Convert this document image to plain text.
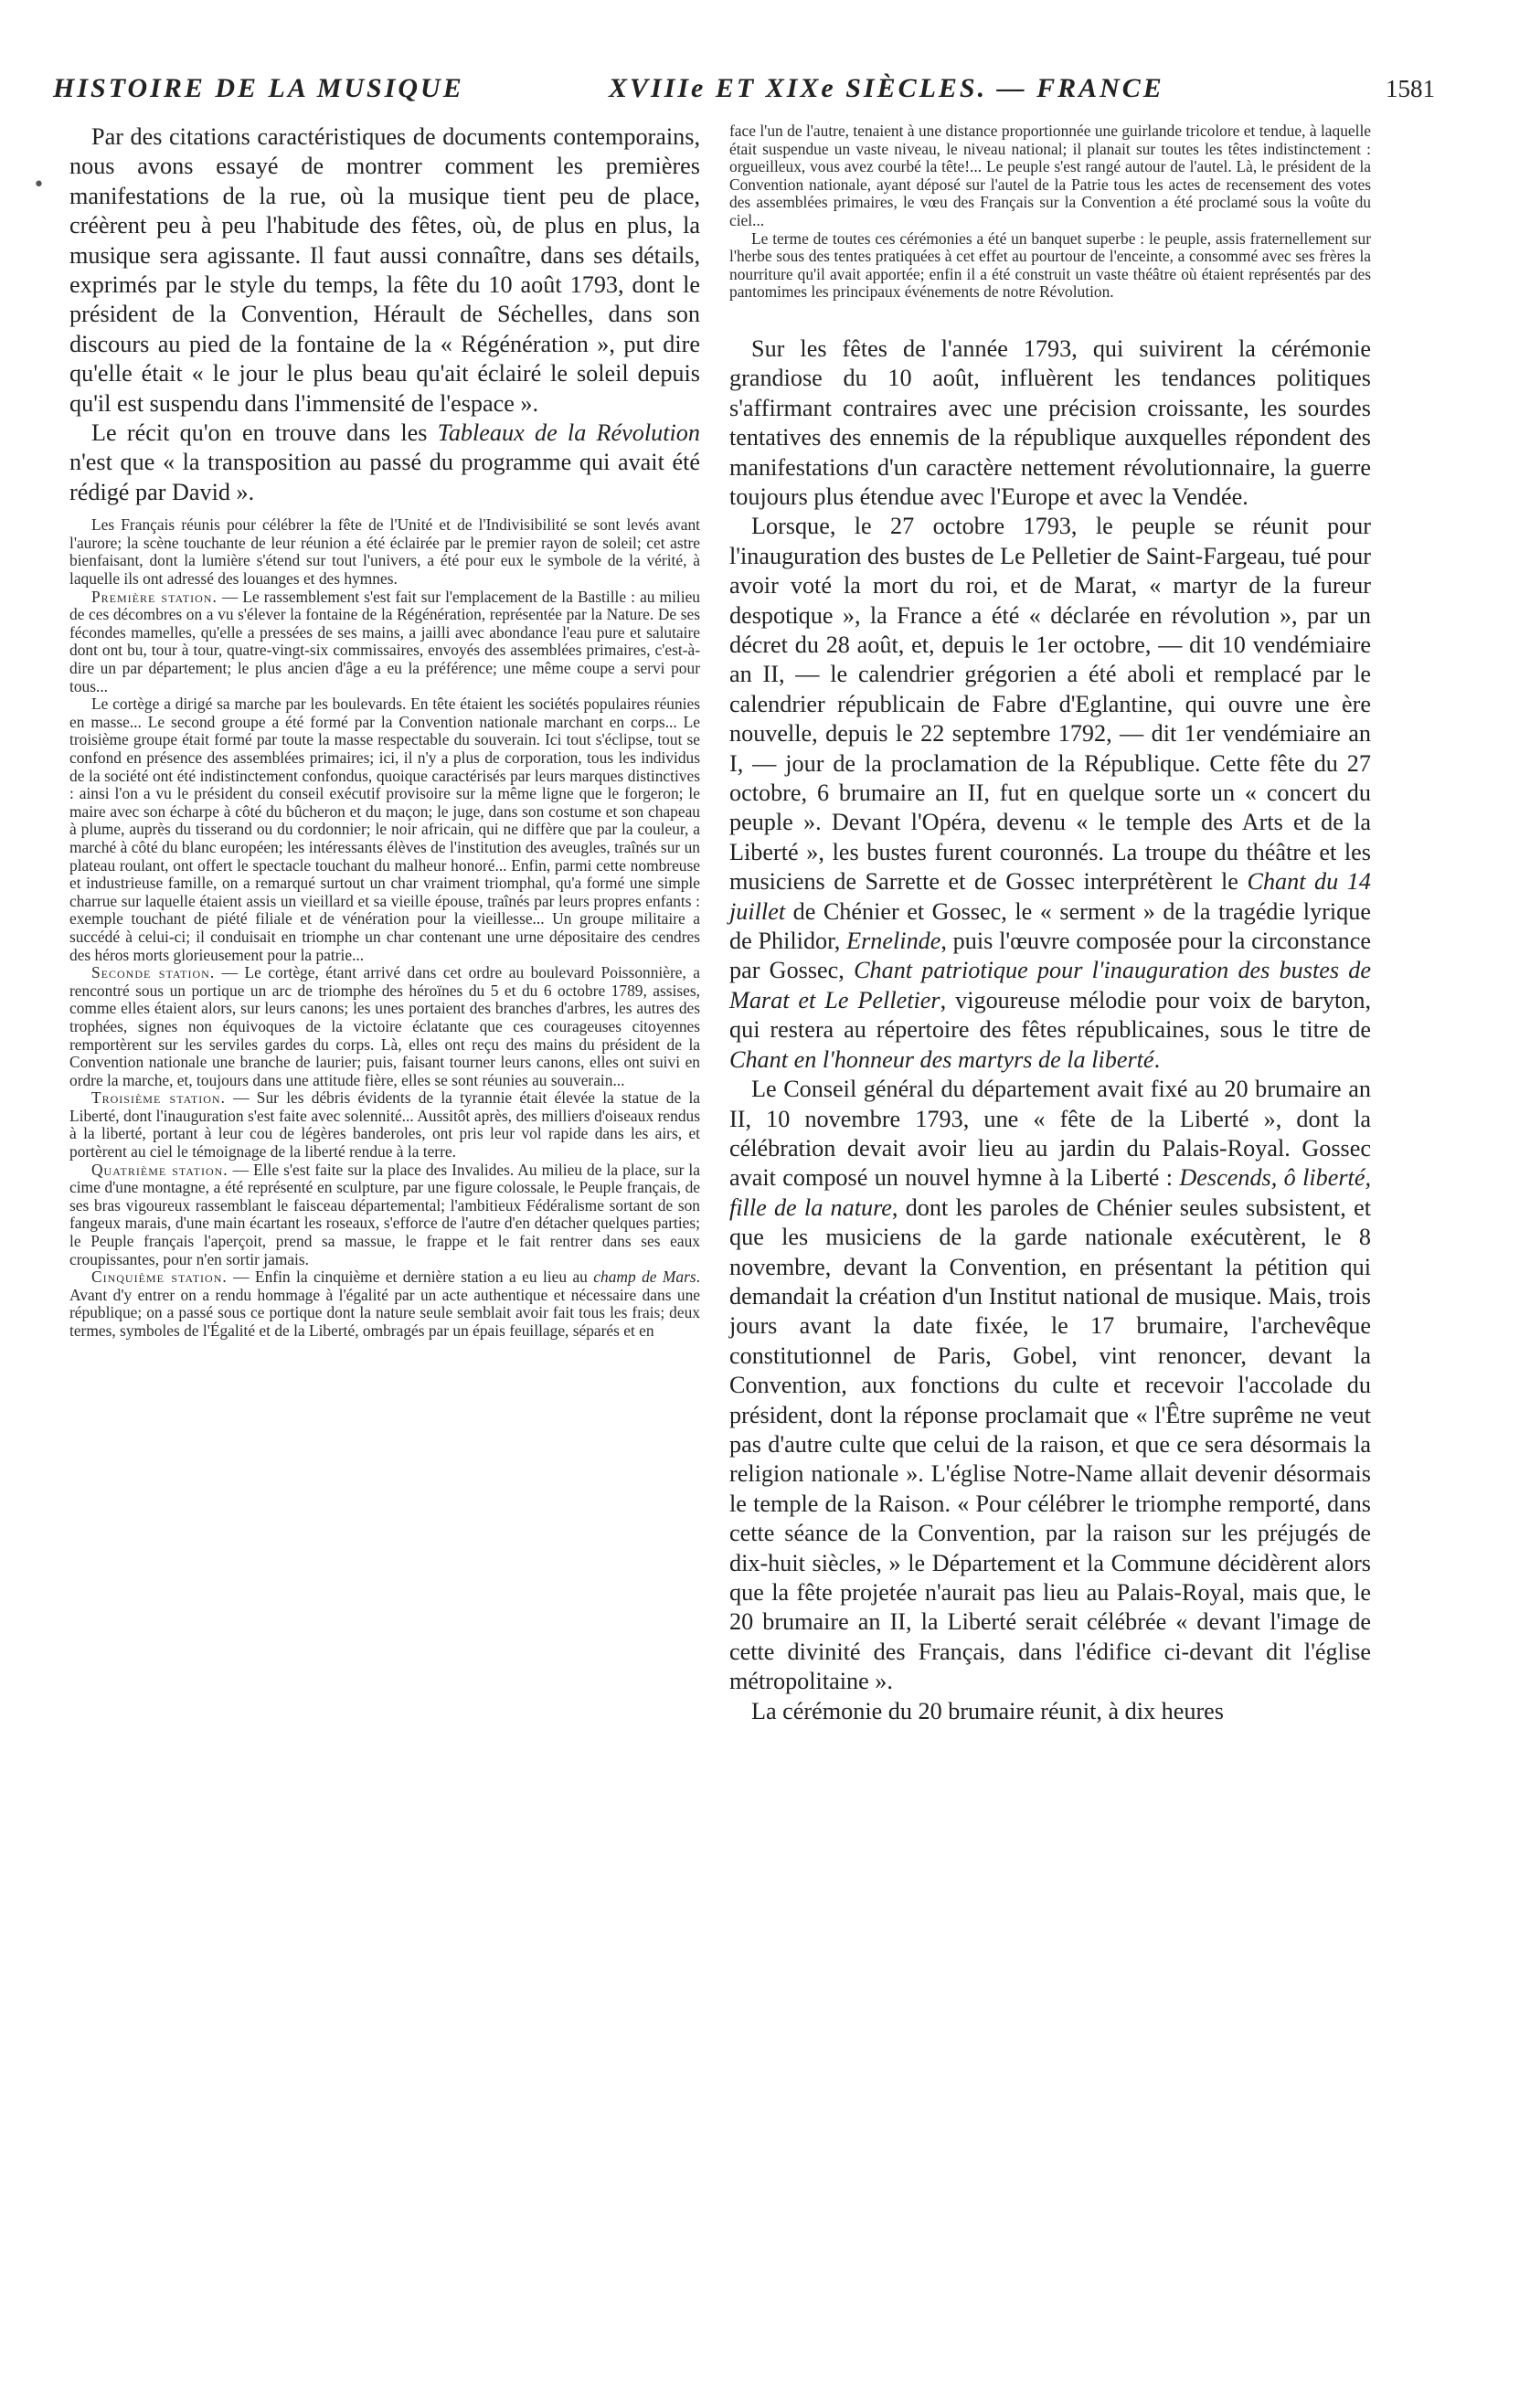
HISTOIRE DE LA MUSIQUE	XVIIIe ET XIXe SIÈCLES. — FRANCE	1581
•

Par des citations caractéristiques de documents contemporains, nous avons essayé de montrer comment les premières manifestations de la rue, où la musique tient peu de place, créèrent peu à peu l'habitude des fêtes, où, de plus en plus, la musique sera agissante. Il faut aussi connaître, dans ses détails, exprimés par le style du temps, la fête du 10 août 1793, dont le président de la Convention, Hérault de Séchelles, dans son discours au pied de la fontaine de la « Régénération », put dire qu'elle était « le jour le plus beau qu'ait éclairé le soleil depuis qu'il est suspendu dans l'immensité de l'espace ».

Le récit qu'on en trouve dans les Tableaux de la Révolution n'est que « la transposition au passé du programme qui avait été rédigé par David ».

Les Français réunis pour célébrer la fête de l'Unité et de l'Indivisibilité se sont levés avant l'aurore; la scène touchante de leur réunion a été éclairée par le premier rayon de soleil; cet astre bienfaisant, dont la lumière s'étend sur tout l'univers, a été pour eux le symbole de la vérité, à laquelle ils ont adressé des louanges et des hymnes.

Première station. — Le rassemblement s'est fait sur l'emplacement de la Bastille : au milieu de ces décombres on a vu s'élever la fontaine de la Régénération, représentée par la Nature. De ses fécondes mamelles, qu'elle a pressées de ses mains, a jailli avec abondance l'eau pure et salutaire dont ont bu, tour à tour, quatre-vingt-six commissaires, envoyés des assemblées primaires, c'est-à-dire un par département; le plus ancien d'âge a eu la préférence; une même coupe a servi pour tous...

Le cortège a dirigé sa marche par les boulevards. En tête étaient les sociétés populaires réunies en masse... Le second groupe a été formé par la Convention nationale marchant en corps... Le troisième groupe était formé par toute la masse respectable du souverain. Ici tout s'éclipse, tout se confond en présence des assemblées primaires; ici, il n'y a plus de corporation, tous les individus de la société ont été indistinctement confondus, quoique caractérisés par leurs marques distinctives : ainsi l'on a vu le président du conseil exécutif provisoire sur la même ligne que le forgeron; le maire avec son écharpe à côté du bûcheron et du maçon; le juge, dans son costume et son chapeau à plume, auprès du tisserand ou du cordonnier; le noir africain, qui ne diffère que par la couleur, a marché à côté du blanc européen; les intéressants élèves de l'institution des aveugles, traînés sur un plateau roulant, ont offert le spectacle touchant du malheur honoré... Enfin, parmi cette nombreuse et industrieuse famille, on a remarqué surtout un char vraiment triomphal, qu'a formé une simple charrue sur laquelle étaient assis un vieillard et sa vieille épouse, traînés par leurs propres enfants : exemple touchant de piété filiale et de vénération pour la vieillesse... Un groupe militaire a succédé à celui-ci; il conduisait en triomphe un char contenant une urne dépositaire des cendres des héros morts glorieusement pour la patrie...

Seconde station. — Le cortège, étant arrivé dans cet ordre au boulevard Poissonnière, a rencontré sous un portique un arc de triomphe des héroïnes du 5 et du 6 octobre 1789, assises, comme elles étaient alors, sur leurs canons; les unes portaient des branches d'arbres, les autres des trophées, signes non équivoques de la victoire éclatante que ces courageuses citoyennes remportèrent sur les serviles gardes du corps. Là, elles ont reçu des mains du président de la Convention nationale une branche de laurier; puis, faisant tourner leurs canons, elles ont suivi en ordre la marche, et, toujours dans une attitude fière, elles se sont réunies au souverain...

Troisième station. — Sur les débris évidents de la tyrannie était élevée la statue de la Liberté, dont l'inauguration s'est faite avec solennité... Aussitôt après, des milliers d'oiseaux rendus à la liberté, portant à leur cou de légères banderoles, ont pris leur vol rapide dans les airs, et portèrent au ciel le témoignage de la liberté rendue à la terre.

Quatrième station. — Elle s'est faite sur la place des Invalides. Au milieu de la place, sur la cime d'une montagne, a été représenté en sculpture, par une figure colossale, le Peuple français, de ses bras vigoureux rassemblant le faisceau départemental; l'ambitieux Fédéralisme sortant de son fangeux marais, d'une main écartant les roseaux, s'efforce de l'autre d'en détacher quelques parties; le Peuple français l'aperçoit, prend sa massue, le frappe et le fait rentrer dans ses eaux croupissantes, pour n'en sortir jamais.

Cinquième station. — Enfin la cinquième et dernière station a eu lieu au champ de Mars. Avant d'y entrer on a rendu hommage à l'égalité par un acte authentique et nécessaire dans une république; on a passé sous ce portique dont la nature seule semblait avoir fait tous les frais; deux termes, symboles de l'Égalité et de la Liberté, ombragés par un épais feuillage, séparés et en

face l'un de l'autre, tenaient à une distance proportionnée une guirlande tricolore et tendue, à laquelle était suspendue un vaste niveau, le niveau national; il planait sur toutes les têtes indistinctement : orgueilleux, vous avez courbé la tête!... Le peuple s'est rangé autour de l'autel. Là, le président de la Convention nationale, ayant déposé sur l'autel de la Patrie tous les actes de recensement des votes des assemblées primaires, le vœu des Français sur la Convention a été proclamé sous la voûte du ciel...

Le terme de toutes ces cérémonies a été un banquet superbe : le peuple, assis fraternellement sur l'herbe sous des tentes pratiquées à cet effet au pourtour de l'enceinte, a consommé avec ses frères la nourriture qu'il avait apportée; enfin il a été construit un vaste théâtre où étaient représentés par des pantomimes les principaux événements de notre Révolution.

Sur les fêtes de l'année 1793, qui suivirent la cérémonie grandiose du 10 août, influèrent les tendances politiques s'affirmant contraires avec une précision croissante, les sourdes tentatives des ennemis de la république auxquelles répondent des manifestations d'un caractère nettement révolutionnaire, la guerre toujours plus étendue avec l'Europe et avec la Vendée.

Lorsque, le 27 octobre 1793, le peuple se réunit pour l'inauguration des bustes de Le Pelletier de Saint-Fargeau, tué pour avoir voté la mort du roi, et de Marat, « martyr de la fureur despotique », la France a été « déclarée en révolution », par un décret du 28 août, et, depuis le 1er octobre, — dit 10 vendémiaire an II, — le calendrier grégorien a été aboli et remplacé par le calendrier républicain de Fabre d'Eglantine, qui ouvre une ère nouvelle, depuis le 22 septembre 1792, — dit 1er vendémiaire an I, — jour de la proclamation de la République. Cette fête du 27 octobre, 6 brumaire an II, fut en quelque sorte un « concert du peuple ». Devant l'Opéra, devenu « le temple des Arts et de la Liberté », les bustes furent couronnés. La troupe du théâtre et les musiciens de Sarrette et de Gossec interprétèrent le Chant du 14 juillet de Chénier et Gossec, le « serment » de la tragédie lyrique de Philidor, Ernelinde, puis l'œuvre composée pour la circonstance par Gossec, Chant patriotique pour l'inauguration des bustes de Marat et Le Pelletier, vigoureuse mélodie pour voix de baryton, qui restera au répertoire des fêtes républicaines, sous le titre de Chant en l'honneur des martyrs de la liberté.

Le Conseil général du département avait fixé au 20 brumaire an II, 10 novembre 1793, une « fête de la Liberté », dont la célébration devait avoir lieu au jardin du Palais-Royal. Gossec avait composé un nouvel hymne à la Liberté : Descends, ô liberté, fille de la nature, dont les paroles de Chénier seules subsistent, et que les musiciens de la garde nationale exécutèrent, le 8 novembre, devant la Convention, en présentant la pétition qui demandait la création d'un Institut national de musique. Mais, trois jours avant la date fixée, le 17 brumaire, l'archevêque constitutionnel de Paris, Gobel, vint renoncer, devant la Convention, aux fonctions du culte et recevoir l'accolade du président, dont la réponse proclamait que « l'Être suprême ne veut pas d'autre culte que celui de la raison, et que ce sera désormais la religion nationale ». L'église Notre-Name allait devenir désormais le temple de la Raison. « Pour célébrer le triomphe remporté, dans cette séance de la Convention, par la raison sur les préjugés de dix-huit siècles, » le Département et la Commune décidèrent alors que la fête projetée n'aurait pas lieu au Palais-Royal, mais que, le 20 brumaire an II, la Liberté serait célébrée « devant l'image de cette divinité des Français, dans l'édifice ci-devant dit l'église métropolitaine ».

La cérémonie du 20 brumaire réunit, à dix heures
